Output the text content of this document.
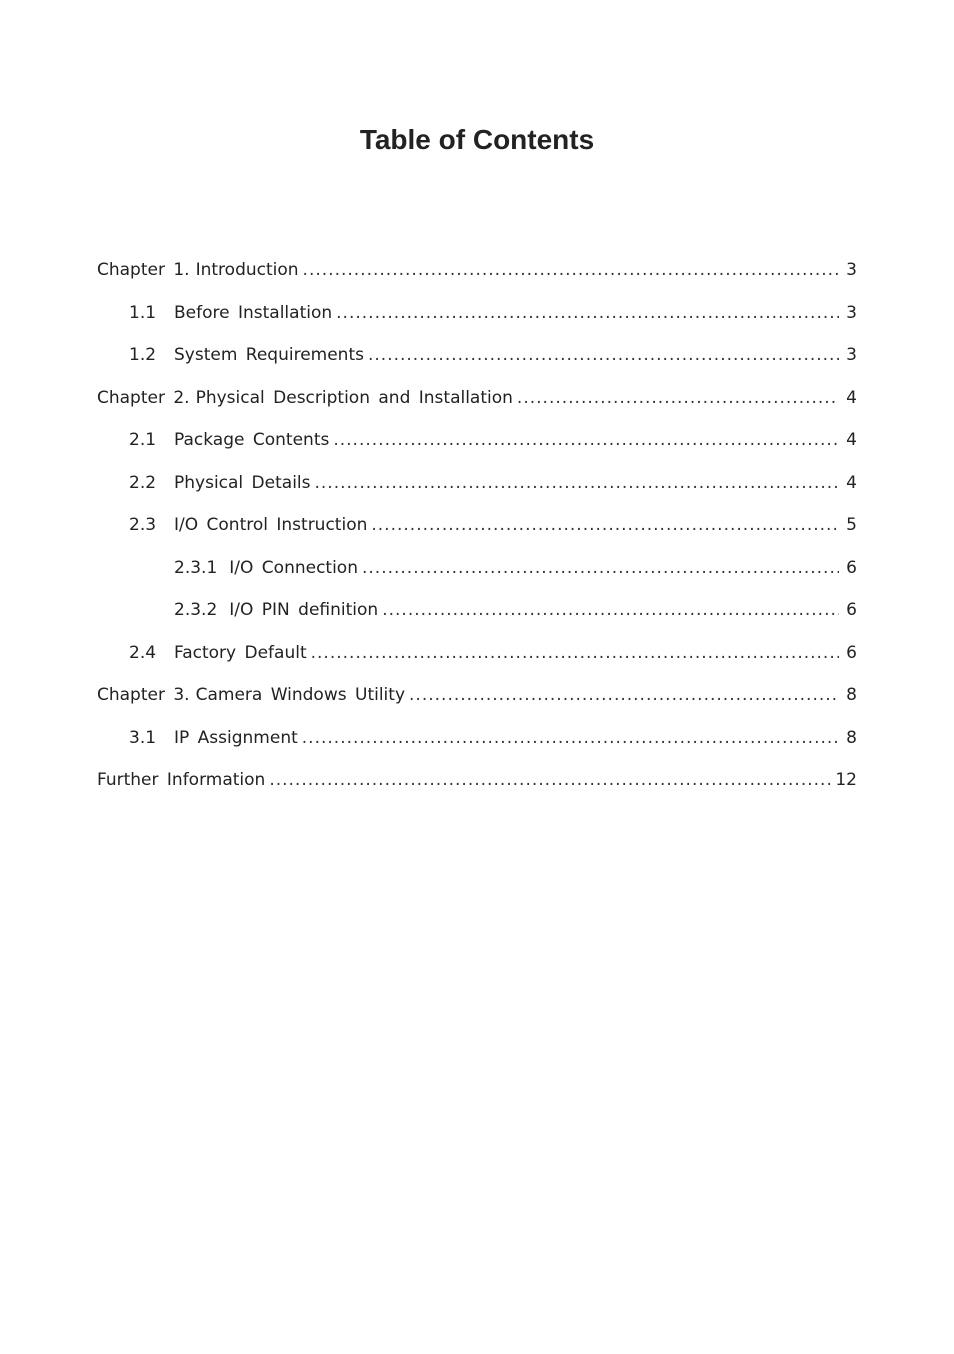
Table of Contents
Chapter 1. Introduction .....	3
1.1	Before Installation .....	3
1.2	System Requirements .....	3
Chapter 2. Physical Description and Installation .....	4
2.1	Package Contents .....	4
2.2	Physical Details .....	4
2.3	I/O Control Instruction .....	5
2.3.1 I/O Connection .....	6
2.3.2 I/O PIN definition .....	6
2.4	Factory Default .....	6
Chapter 3. Camera Windows Utility .....	8
3.1	IP Assignment .....	8
Further Information .....	12
